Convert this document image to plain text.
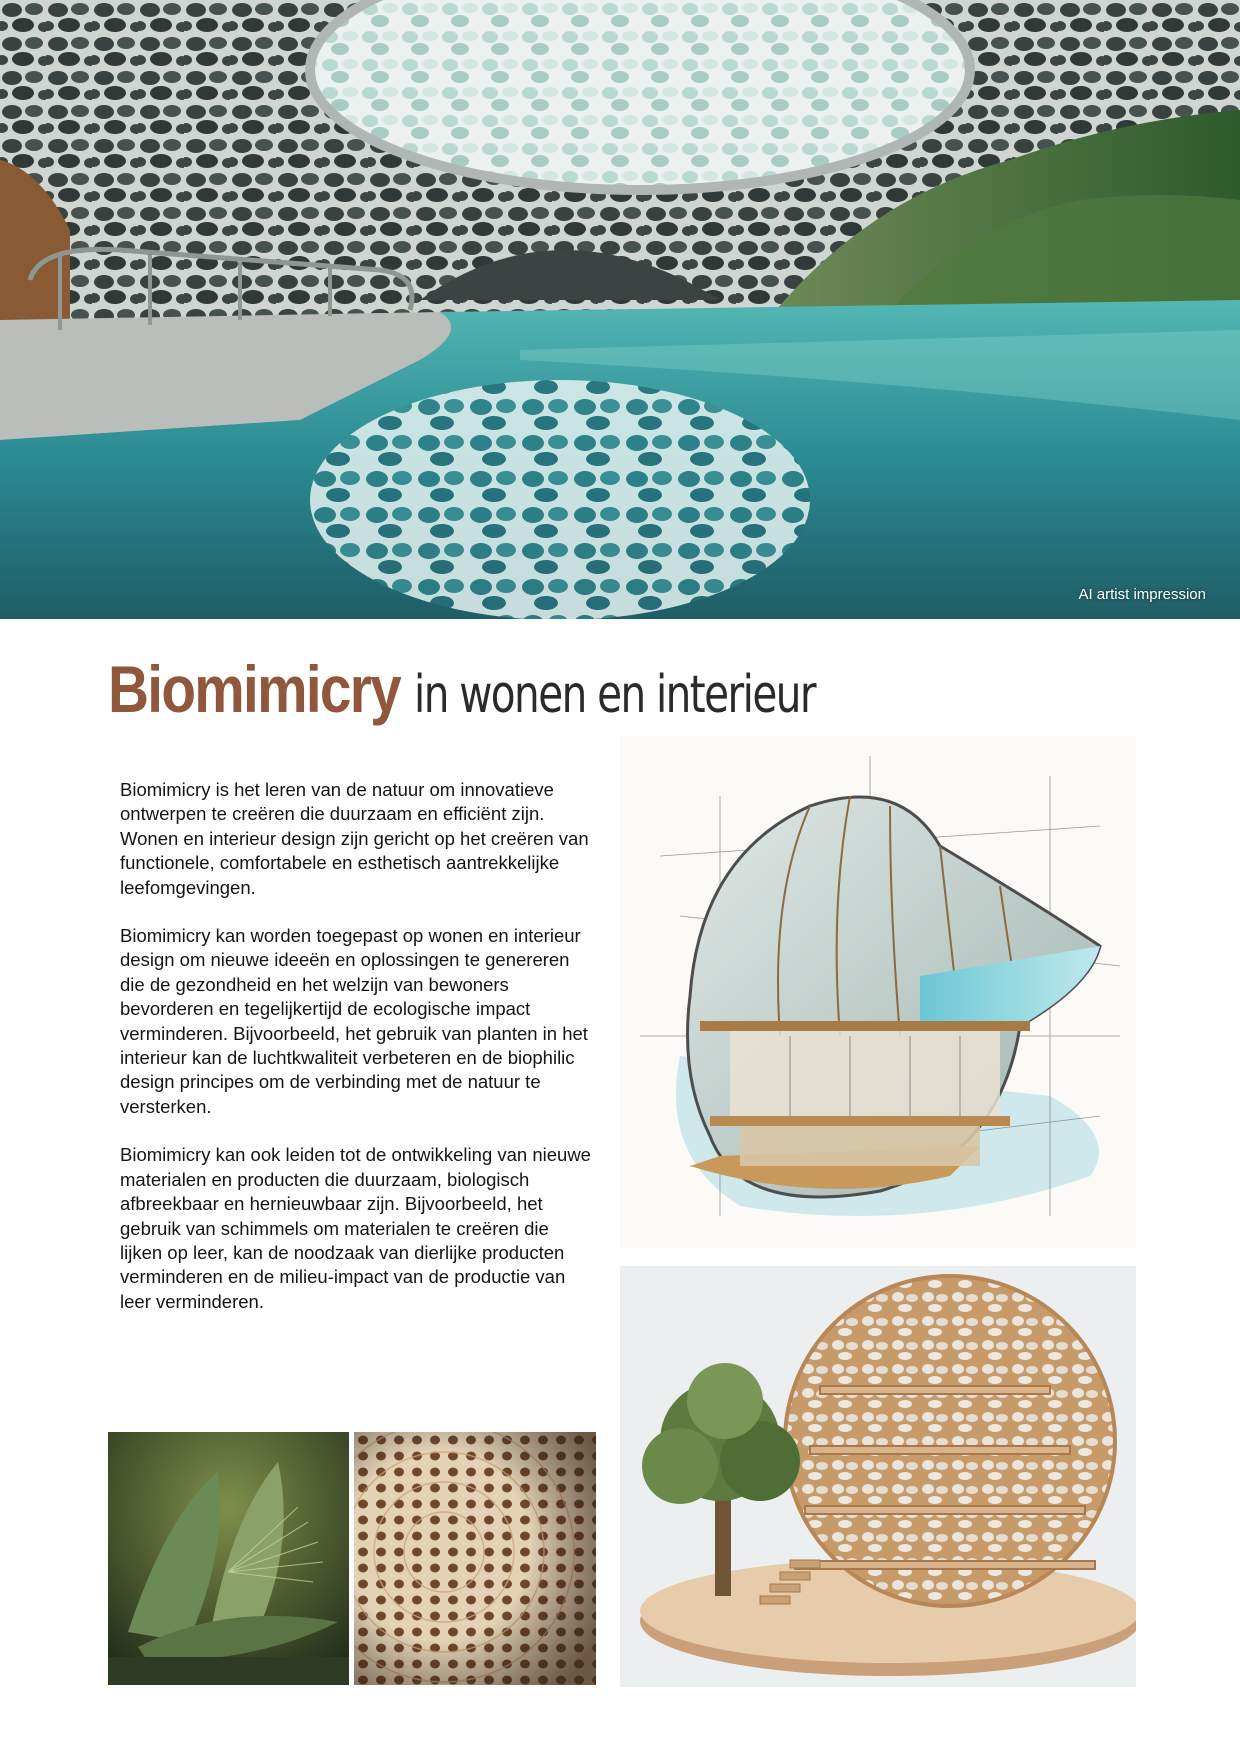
AI artist impression
Biomimicry in wonen en interieur

Biomimicry is het leren van de natuur om innovatieve ontwerpen te creëren die duurzaam en efficiënt zijn. Wonen en interieur design zijn gericht op het creëren van functionele, comfortabele en esthetisch aantrekkelijke leefomgevingen.

Biomimicry kan worden toegepast op wonen en interieur design om nieuwe ideeën en oplossingen te genereren die de gezondheid en het welzijn van bewoners bevorderen en tegelijkertijd de ecologische impact verminderen. Bijvoorbeeld, het gebruik van planten in het interieur kan de luchtkwaliteit verbeteren en de biophilic design principes om de verbinding met de natuur te versterken.

Biomimicry kan ook leiden tot de ontwikkeling van nieuwe materialen en producten die duurzaam, biologisch afbreekbaar en hernieuwbaar zijn. Bijvoorbeeld, het gebruik van schimmels om materialen te creëren die lijken op leer, kan de noodzaak van dierlijke producten verminderen en de milieu-impact van de productie van leer verminderen.
